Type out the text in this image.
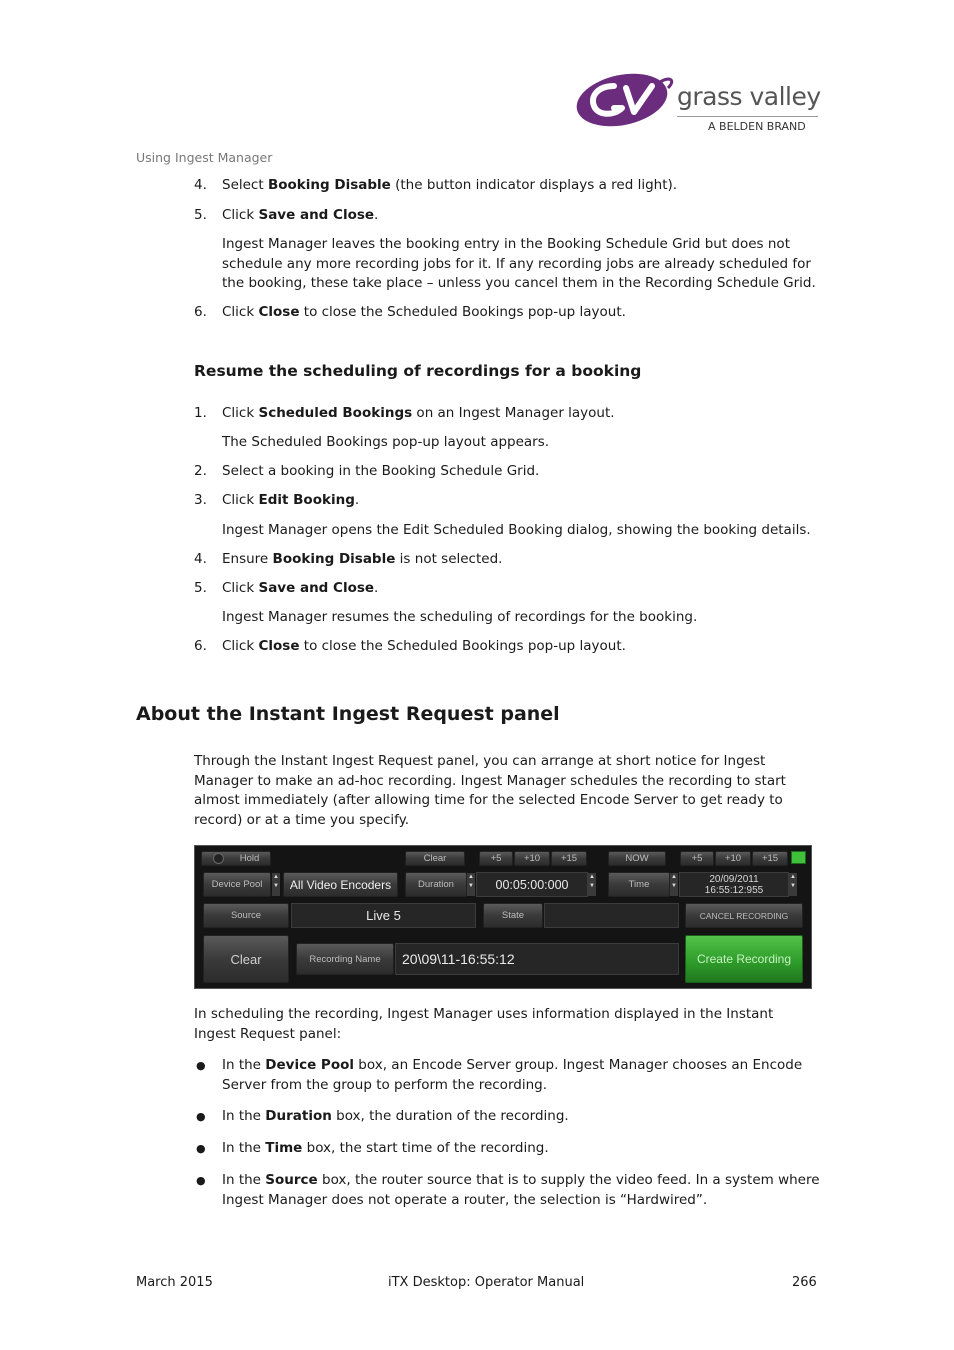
grass valley
A BELDEN BRAND
Using Ingest Manager
4. Select Booking Disable (the button indicator displays a red light).

5. Click Save and Close.

Ingest Manager leaves the booking entry in the Booking Schedule Grid but does not schedule any more recording jobs for it. If any recording jobs are already scheduled for the booking, these take place – unless you cancel them in the Recording Schedule Grid.

6. Click Close to close the Scheduled Bookings pop-up layout.

Resume the scheduling of recordings for a booking
1. Click Scheduled Bookings on an Ingest Manager layout.

The Scheduled Bookings pop-up layout appears.

2. Select a booking in the Booking Schedule Grid.

3. Click Edit Booking.

Ingest Manager opens the Edit Scheduled Booking dialog, showing the booking details.

4. Ensure Booking Disable is not selected.

5. Click Save and Close.

Ingest Manager resumes the scheduling of recordings for the booking.

6. Click Close to close the Scheduled Bookings pop-up layout.

About the Instant Ingest Request panel

Through the Instant Ingest Request panel, you can arrange at short notice for Ingest Manager to make an ad-hoc recording. Ingest Manager schedules the recording to start almost immediately (after allowing time for the selected Encode Server to get ready to record) or at a time you specify.

Hold	Clear	+5	+10	+15	NOW	+5	+10	+15
Device Pool
▲
▼ All Video Encoders	Duration
▲
▼	00:05:00:000
▲
▼	Time
▲
▼
20/09/2011
16:55:12:955
▲
▼
Source	Live 5	State	CANCEL RECORDING
Clear	Recording Name	20\09\11-16:55:12	Create Recording

In scheduling the recording, Ingest Manager uses information displayed in the Instant Ingest Request panel:

● In the Device Pool box, an Encode Server group. Ingest Manager chooses an Encode Server from the group to perform the recording.

● In the Duration box, the duration of the recording.

● In the Time box, the start time of the recording.

● In the Source box, the router source that is to supply the video feed. In a system where Ingest Manager does not operate a router, the selection is “Hardwired”.

March 2015	iTX Desktop: Operator Manual	266
